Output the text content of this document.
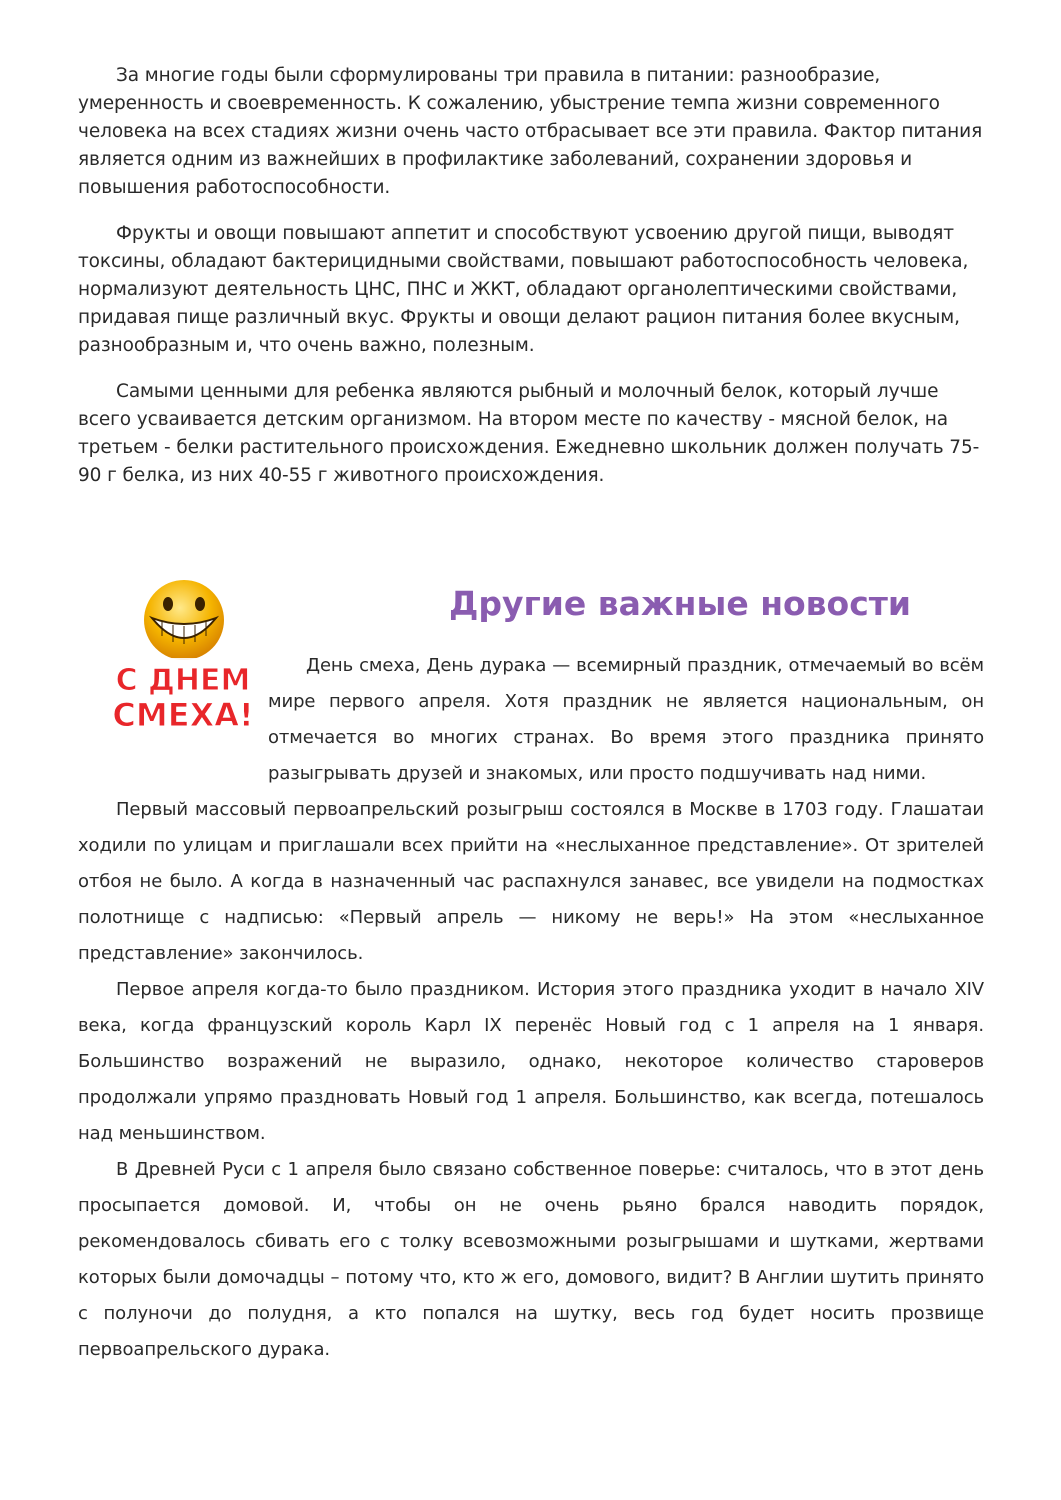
За многие годы были сформулированы три правила в питании: разнообразие, умеренность и своевременность. К сожалению, убыстрение темпа жизни современного человека на всех стадиях жизни очень часто отбрасывает все эти правила. Фактор питания является одним из важнейших в профилактике заболеваний, сохранении здоровья и повышения работоспособности.

Фрукты и овощи повышают аппетит и способствуют усвоению другой пищи, выводят токсины, обладают бактерицидными свойствами, повышают работоспособность человека, нормализуют деятельность ЦНС, ПНС и ЖКТ, обладают органолептическими свойствами, придавая пище различный вкус. Фрукты и овощи делают рацион питания более вкусным, разнообразным и, что очень важно, полезным.

Самыми ценными для ребенка являются рыбный и молочный белок, который лучше всего усваивается детским организмом. На втором месте по качеству - мясной белок, на третьем - белки растительного происхождения. Ежедневно школьник должен получать 75-90 г белка, из них 40-55 г животного происхождения.

С ДНЕМ
СМЕХА!
Другие важные новости

День смеха, День дурака — всемирный праздник, отмечаемый во всём мире первого апреля. Хотя праздник не является национальным, он отмечается во многих странах. Во время этого праздника принято разыгрывать друзей и знакомых, или просто подшучивать над ними.

Первый массовый первоапрельский розыгрыш состоялся в Москве в 1703 году. Глашатаи ходили по улицам и приглашали всех прийти на «неслыханное представление». От зрителей отбоя не было. А когда в назначенный час распахнулся занавес, все увидели на подмостках полотнище с надписью: «Первый апрель — никому не верь!» На этом «неслыханное представление» закончилось.

Первое апреля когда-то было праздником. История этого праздника уходит в начало XIV века, когда французский король Карл IX перенёс Новый год с 1 апреля на 1 января. Большинство возражений не выразило, однако, некоторое количество староверов продолжали упрямо праздновать Новый год 1 апреля. Большинство, как всегда, потешалось над меньшинством.

В Древней Руси с 1 апреля было связано собственное поверье: считалось, что в этот день просыпается домовой. И, чтобы он не очень рьяно брался наводить порядок, рекомендовалось сбивать его с толку всевозможными розыгрышами и шутками, жертвами которых были домочадцы – потому что, кто ж его, домового, видит? В Англии шутить принято с полуночи до полудня, а кто попался на шутку, весь год будет носить прозвище первоапрельского дурака.
